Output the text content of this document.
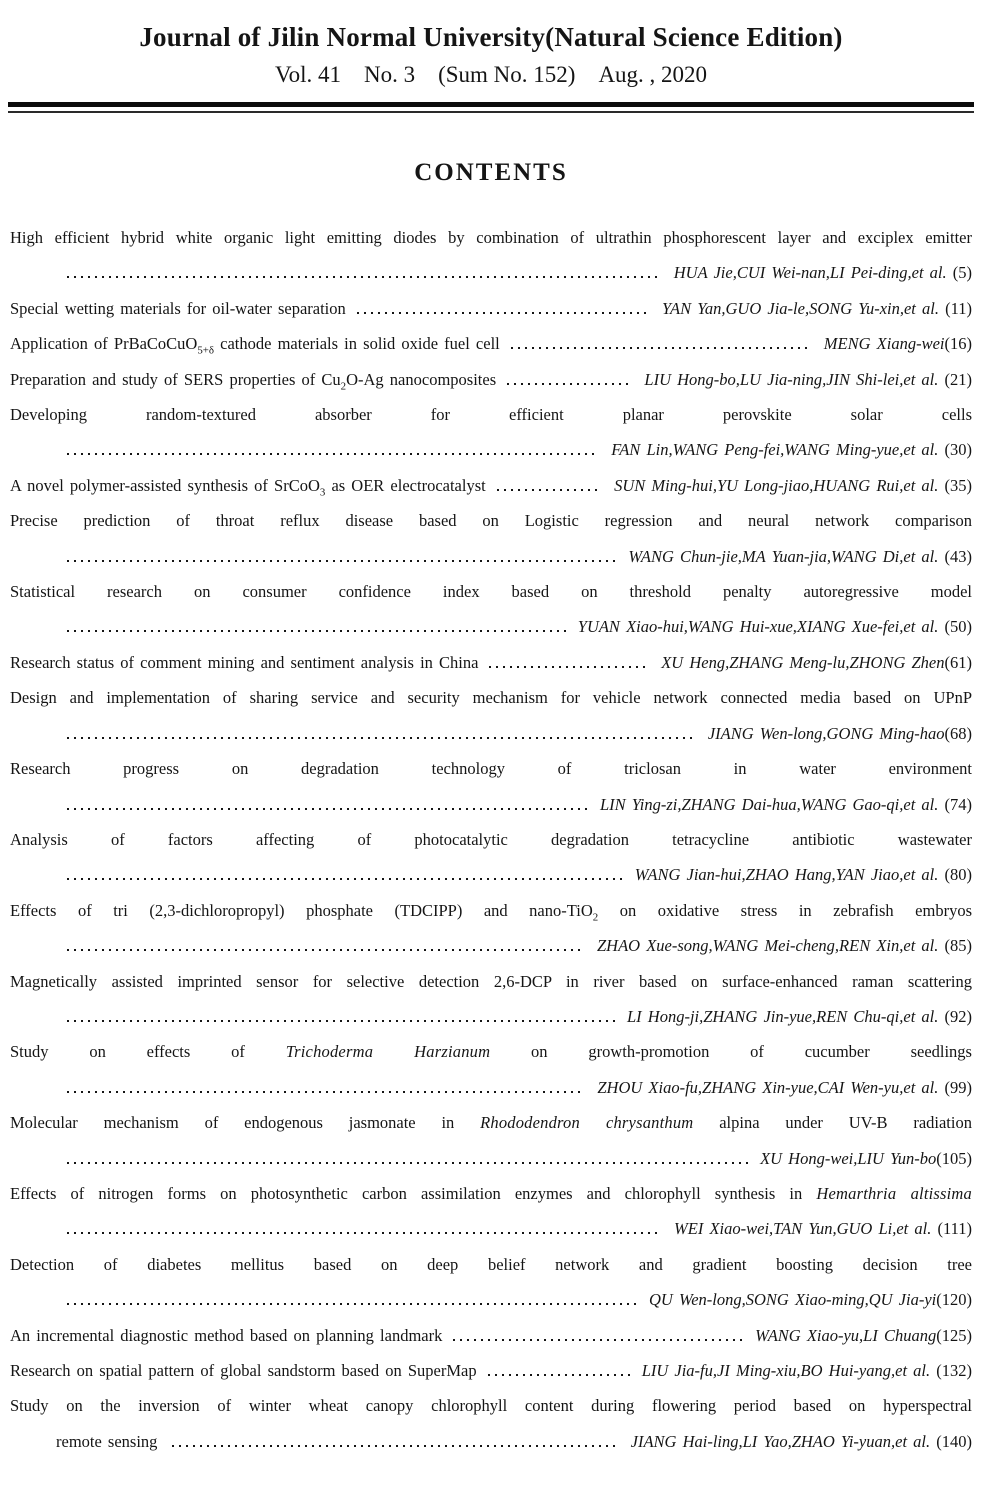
Journal of Jilin Normal University(Natural Science Edition)
Vol. 41 No. 3 (Sum No. 152) Aug. , 2020
CONTENTS
High efficient hybrid white organic light emitting diodes by combination of ultrathin phosphorescent layer and exciplex emitter
HUA Jie,CUI Wei-nan,LI Pei-ding,et al. (5)
Special wetting materials for oil-water separation	YAN Yan,GUO Jia-le,SONG Yu-xin,et al. (11)
Application of PrBaCoCuO$_{5+\delta}$ cathode materials in solid oxide fuel cell	MENG Xiang-wei (16)
Preparation and study of SERS properties of $Cu_2O-Ag$ nanocomposites	LIU Hong-bo,LU Jia-ning,JIN Shi-lei,et al. (21)
Developing random-textured absorber for efficient planar perovskite solar cells
FAN Lin,WANG Peng-fei,WANG Ming-yue,et al. (30)
A novel polymer-assisted synthesis of SrCoO$_3$ as OER electrocatalyst	SUN Ming-hui,YU Long-jiao,HUANG Rui,et al. (35)
Precise prediction of throat reflux disease based on Logistic regression and neural network comparison
WANG Chun-jie,MA Yuan-jia,WANG Di,et al. (43)
Statistical research on consumer confidence index based on threshold penalty autoregressive model
YUAN Xiao-hui,WANG Hui-xue,XIANG Xue-fei,et al. (50)
Research status of comment mining and sentiment analysis in China	XU Heng,ZHANG Meng-lu,ZHONG Zhen (61)
Design and implementation of sharing service and security mechanism for vehicle network connected media based on UPnP
JIANG Wen-long,GONG Ming-hao (68)
Research progress on degradation technology of triclosan in water environment
LIN Ying-zi,ZHANG Dai-hua,WANG Gao-qi,et al. (74)
Analysis of factors affecting of photocatalytic degradation tetracycline antibiotic wastewater
WANG Jian-hui,ZHAO Hang,YAN Jiao,et al. (80)
Effects of tri (2,3-dichloropropyl) phosphate (TDCIPP) and nano-TiO$_2$ on oxidative stress in zebrafish embryos
ZHAO Xue-song,WANG Mei-cheng,REN Xin,et al. (85)
Magnetically assisted imprinted sensor for selective detection 2,6-DCP in river based on surface-enhanced raman scattering
LI Hong-ji,ZHANG Jin-yue,REN Chu-qi,et al. (92)
Study on effects of Trichoderma Harzianum on growth-promotion of cucumber seedlings
ZHOU Xiao-fu,ZHANG Xin-yue,CAI Wen-yu,et al. (99)
Molecular mechanism of endogenous jasmonate in Rhododendron chrysanthum alpina under UV-B radiation
XU Hong-wei,LIU Yun-bo (105)
Effects of nitrogen forms on photosynthetic carbon assimilation enzymes and chlorophyll synthesis in Hemarthria altissima
WEI Xiao-wei,TAN Yun,GUO Li,et al. (111)
Detection of diabetes mellitus based on deep belief network and gradient boosting decision tree
QU Wen-long,SONG Xiao-ming,QU Jia-yi (120)
An incremental diagnostic method based on planning landmark	WANG Xiao-yu,LI Chuang (125)
Research on spatial pattern of global sandstorm based on SuperMap	LIU Jia-fu,JI Ming-xiu,BO Hui-yang,et al. (132)
Study on the inversion of winter wheat canopy chlorophyll content during flowering period based on hyperspectral
remote sensing	JIANG Hai-ling,LI Yao,ZHAO Yi-yuan,et al. (140)
